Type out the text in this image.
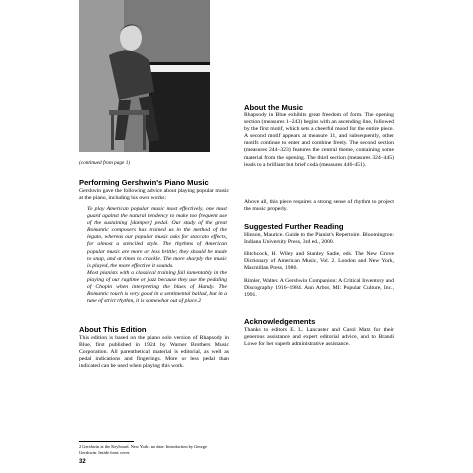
(continued from page 1)
Performing Gershwin's Piano Music

Gershwin gave the following advice about playing popular music at the piano, including his own works:

To play American popular music most effectively, one must guard against the natural tendency to make too frequent use of the sustaining [damper] pedal. Our study of the great Romantic composers has trained us in the method of the legato, whereas our popular music asks for staccato effects, for almost a stenciled style. The rhythms of American popular music are more or less brittle; they should be made to snap, and at times to crackle. The more sharply the music is played, the more effective it sounds.

Most pianists with a classical training fail lamentably in the playing of our ragtime or jazz because they use the pedaling of Chopin when interpreting the blues of Handy. The Romantic touch is very good in a sentimental ballad, but in a tune of strict rhythm, it is somewhat out of place.2

About This Edition

This edition is based on the piano solo version of Rhapsody in Blue, first published in 1924 by Warner Brothers Music Corporation. All parenthetical material is editorial, as well as pedal indications and fingerings. More or less pedal than indicated can be used when playing this work.

About the Music

Rhapsody in Blue exhibits great freedom of form. The opening section (measures 1–243) begins with an ascending line, followed by the first motif, which sets a cheerful mood for the entire piece. A second motif appears at measure 11, and subsequently, other motifs continue to enter and combine freely. The second section (measures 244–323) features the central theme, containing some material from the opening. The third section (measures 324–445) leads to a brilliant but brief coda (measures 446-451).

Above all, this piece requires a strong sense of rhythm to project the music properly.

Suggested Further Reading

Hinson, Maurice. Guide to the Pianist's Repertoire. Bloomington: Indiana University Press, 3rd ed., 2000.

Hitchcock, H. Wiley and Stanley Sadie, eds. The New Grove Dictionary of American Music, Vol. 2. London and New York, Macmillan Press, 1986.

Rimler, Walter. A Gershwin Companion: A Critical Inventory and Discography 1916–1984. Ann Arbor, MI: Popular Culture, Inc., 1991.

Acknowledgements

Thanks to editors E. L. Lancaster and Carol Matz for their generous assistance and expert editorial advice, and to Brandi Lowe for her superb administrative assistance.

2 Gershwin at the Keyboard. New York: no date. Introduction by George Gershwin. Inside front cover.

32
